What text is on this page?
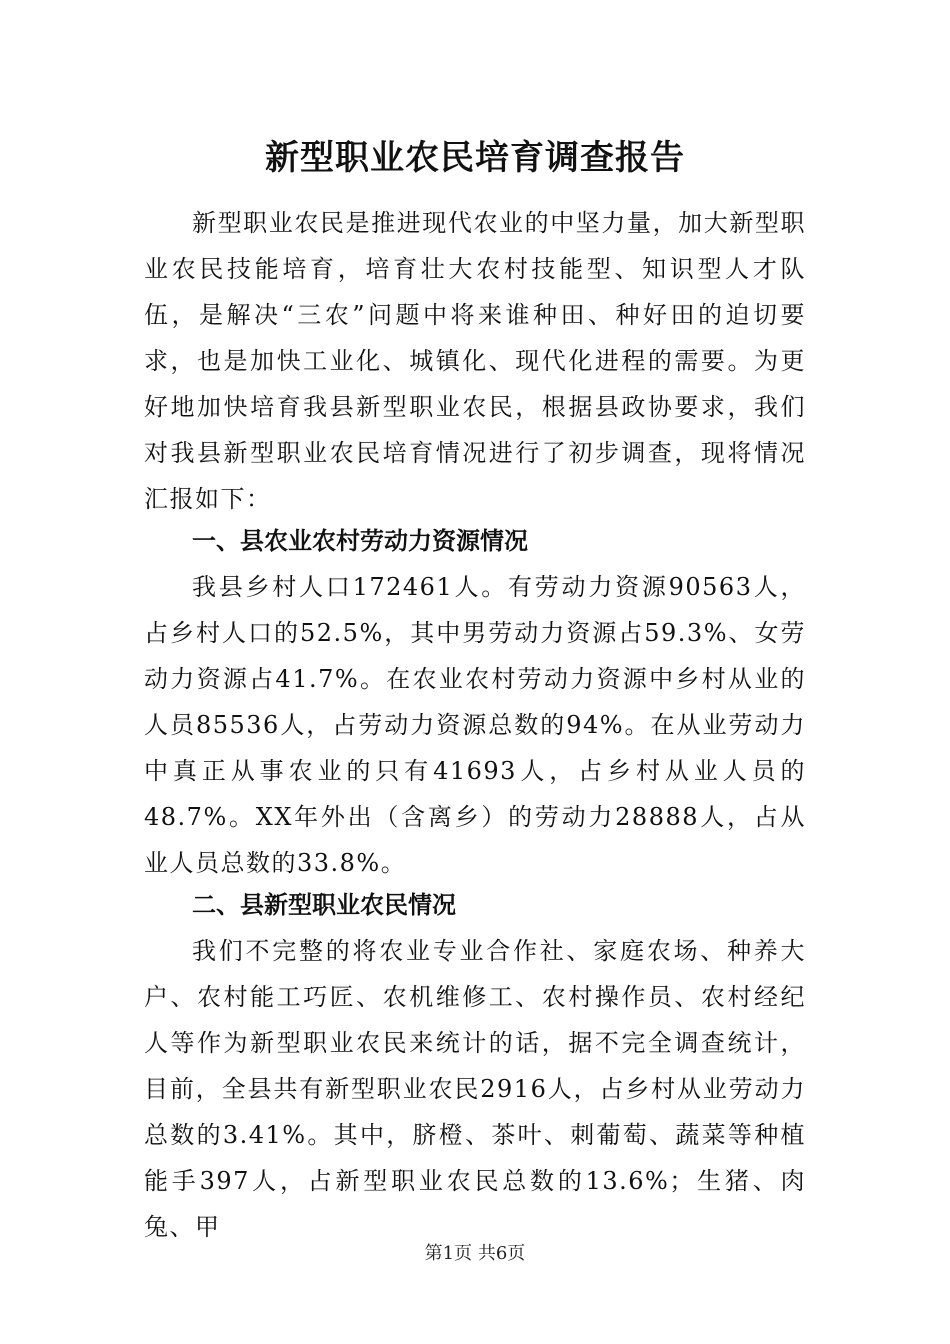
新型职业农民培育调查报告

新型职业农民是推进现代农业的中坚力量，加大新型职业农民技能培育，培育壮大农村技能型、知识型人才队伍，是解决“三农”问题中将来谁种田、种好田的迫切要求，也是加快工业化、城镇化、现代化进程的需要。为更好地加快培育我县新型职业农民，根据县政协要求，我们对我县新型职业农民培育情况进行了初步调查，现将情况汇报如下：

一、县农业农村劳动力资源情况

我县乡村人口172461人。有劳动力资源90563人，占乡村人口的52.5%，其中男劳动力资源占59.3%、女劳动力资源占41.7%。在农业农村劳动力资源中乡村从业的人员85536人，占劳动力资源总数的94%。在从业劳动力中真正从事农业的只有41693人，占乡村从业人员的48.7%。XX年外出（含离乡）的劳动力28888人，占从业人员总数的33.8%。

二、县新型职业农民情况

我们不完整的将农业专业合作社、家庭农场、种养大户、农村能工巧匠、农机维修工、农村操作员、农村经纪人等作为新型职业农民来统计的话，据不完全调查统计，目前，全县共有新型职业农民2916人，占乡村从业劳动力总数的3.41%。其中，脐橙、茶叶、刺葡萄、蔬菜等种植能手397人，占新型职业农民总数的13.6%；生猪、肉兔、甲

第1页 共6页
